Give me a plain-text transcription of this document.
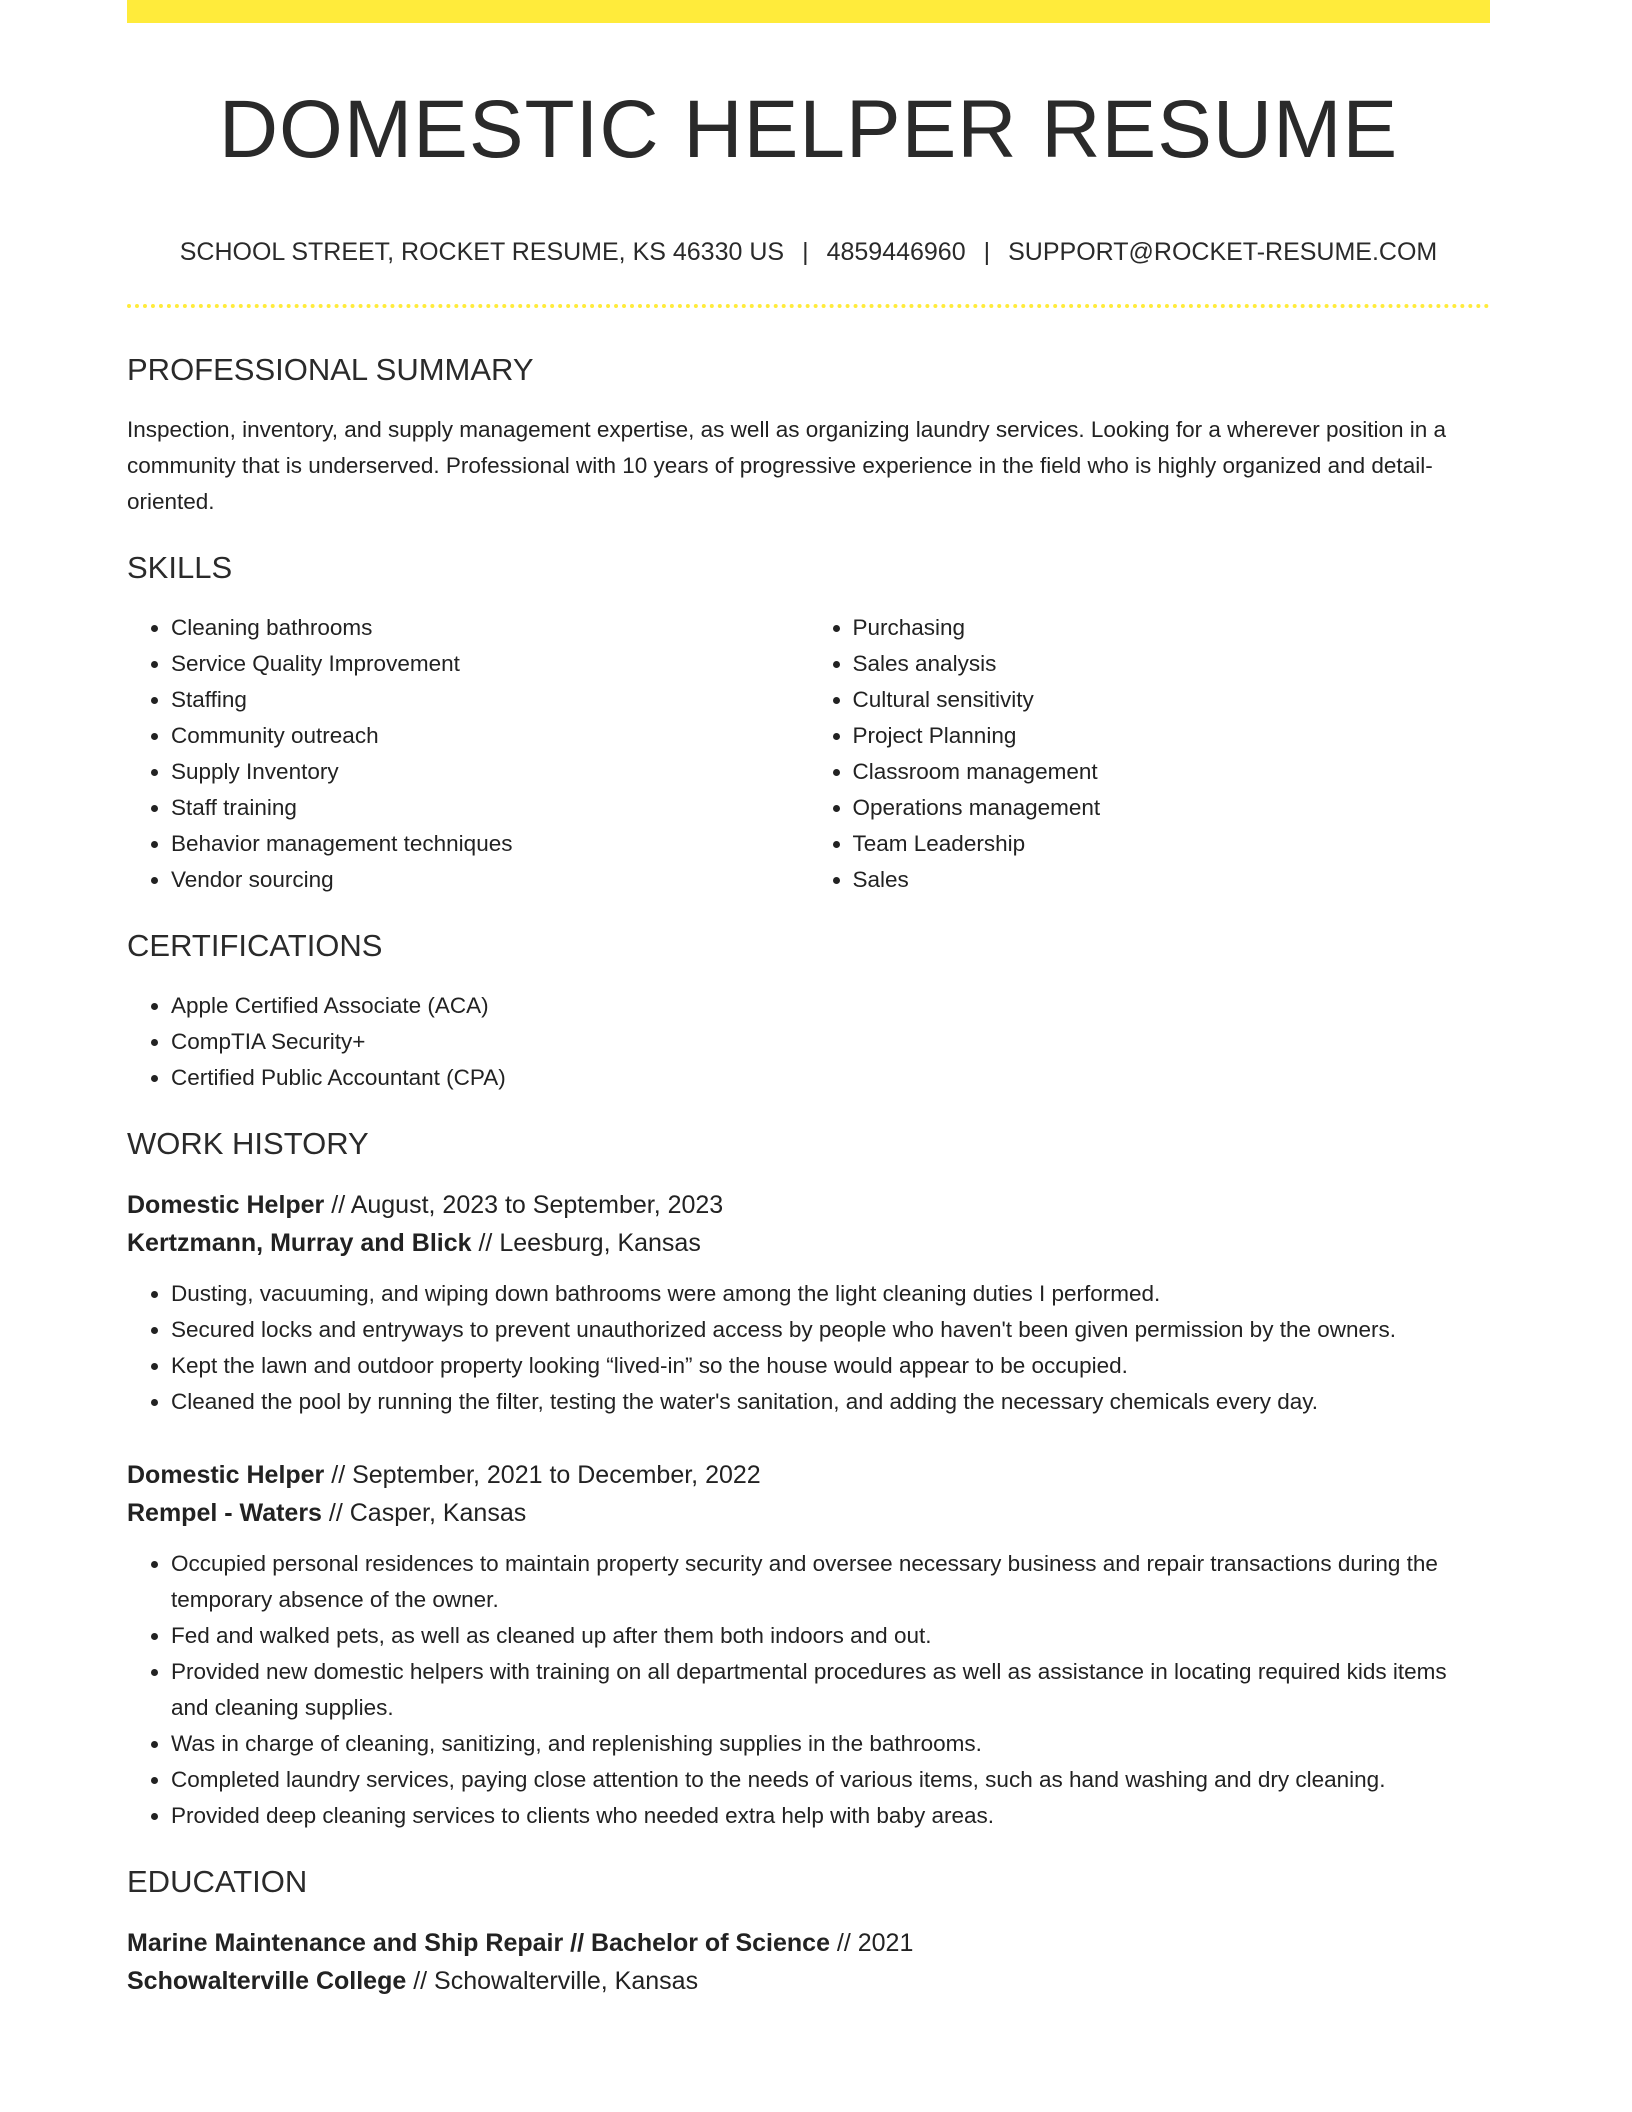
DOMESTIC HELPER RESUME
SCHOOL STREET, ROCKET RESUME, KS 46330 US | 4859446960 | SUPPORT@ROCKET-RESUME.COM
PROFESSIONAL SUMMARY

Inspection, inventory, and supply management expertise, as well as organizing laundry services. Looking for a wherever position in a community that is underserved. Professional with 10 years of progressive experience in the field who is highly organized and detail-oriented.

SKILLS
• Cleaning bathrooms
• Service Quality Improvement
• Staffing
• Community outreach
• Supply Inventory
• Staff training
• Behavior management techniques
• Vendor sourcing
• Purchasing
• Sales analysis
• Cultural sensitivity
• Project Planning
• Classroom management
• Operations management
• Team Leadership
• Sales
CERTIFICATIONS
• Apple Certified Associate (ACA)
• CompTIA Security+
• Certified Public Accountant (CPA)
WORK HISTORY
Domestic Helper // August, 2023 to September, 2023
Kertzmann, Murray and Blick // Leesburg, Kansas
• Dusting, vacuuming, and wiping down bathrooms were among the light cleaning duties I performed.
• Secured locks and entryways to prevent unauthorized access by people who haven't been given permission by the owners.
• Kept the lawn and outdoor property looking “lived-in” so the house would appear to be occupied.
• Cleaned the pool by running the filter, testing the water's sanitation, and adding the necessary chemicals every day.
Domestic Helper // September, 2021 to December, 2022
Rempel - Waters // Casper, Kansas
• Occupied personal residences to maintain property security and oversee necessary business and repair transactions during the temporary absence of the owner.
• Fed and walked pets, as well as cleaned up after them both indoors and out.
• Provided new domestic helpers with training on all departmental procedures as well as assistance in locating required kids items and cleaning supplies.
• Was in charge of cleaning, sanitizing, and replenishing supplies in the bathrooms.
• Completed laundry services, paying close attention to the needs of various items, such as hand washing and dry cleaning.
• Provided deep cleaning services to clients who needed extra help with baby areas.
EDUCATION
Marine Maintenance and Ship Repair // Bachelor of Science // 2021
Schowalterville College // Schowalterville, Kansas
